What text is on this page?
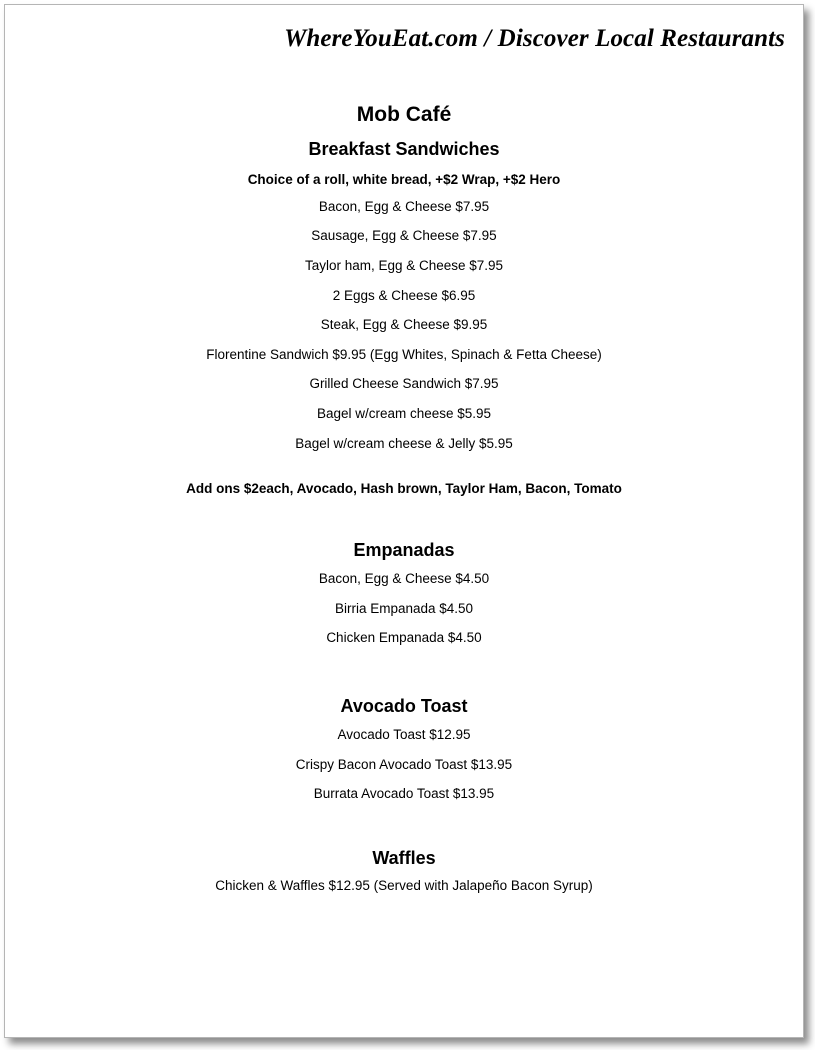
WhereYouEat.com / Discover Local Restaurants
Mob Café
Breakfast Sandwiches

Choice of a roll, white bread, +$2 Wrap, +$2 Hero

Bacon, Egg & Cheese $7.95

Sausage, Egg & Cheese $7.95

Taylor ham, Egg & Cheese $7.95

2 Eggs & Cheese $6.95

Steak, Egg & Cheese $9.95

Florentine Sandwich $9.95 (Egg Whites, Spinach & Fetta Cheese)

Grilled Cheese Sandwich $7.95

Bagel w/cream cheese $5.95

Bagel w/cream cheese & Jelly $5.95

Add ons $2each, Avocado, Hash brown, Taylor Ham, Bacon, Tomato

Empanadas

Bacon, Egg & Cheese $4.50

Birria Empanada $4.50

Chicken Empanada $4.50

Avocado Toast

Avocado Toast $12.95

Crispy Bacon Avocado Toast $13.95

Burrata Avocado Toast $13.95

Waffles

Chicken & Waffles $12.95 (Served with Jalapeño Bacon Syrup)
